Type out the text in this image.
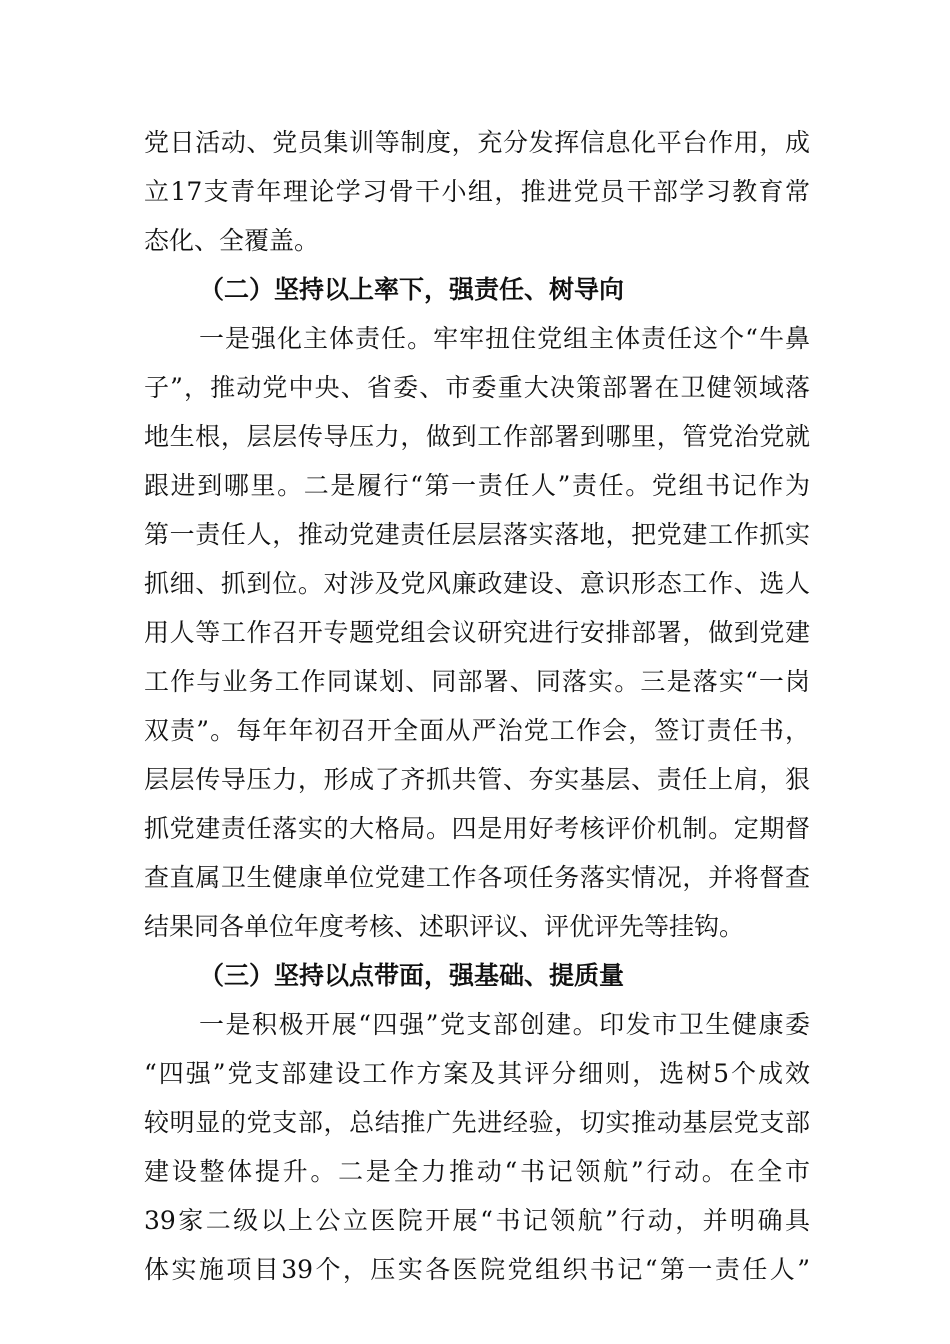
党日活动、党员集训等制度，充分发挥信息化平台作用，成
立17支青年理论学习骨干小组，推进党员干部学习教育常
态化、全覆盖。
（二）坚持以上率下，强责任、树导向
一是强化主体责任。牢牢扭住党组主体责任这个“牛鼻
子”，推动党中央、省委、市委重大决策部署在卫健领域落
地生根，层层传导压力，做到工作部署到哪里，管党治党就
跟进到哪里。二是履行“第一责任人”责任。党组书记作为
第一责任人，推动党建责任层层落实落地，把党建工作抓实
抓细、抓到位。对涉及党风廉政建设、意识形态工作、选人
用人等工作召开专题党组会议研究进行安排部署，做到党建
工作与业务工作同谋划、同部署、同落实。三是落实“一岗
双责”。每年年初召开全面从严治党工作会，签订责任书，
层层传导压力，形成了齐抓共管、夯实基层、责任上肩，狠
抓党建责任落实的大格局。四是用好考核评价机制。定期督
查直属卫生健康单位党建工作各项任务落实情况，并将督查
结果同各单位年度考核、述职评议、评优评先等挂钩。
（三）坚持以点带面，强基础、提质量
一是积极开展“四强”党支部创建。印发市卫生健康委
“四强”党支部建设工作方案及其评分细则，选树5个成效
较明显的党支部，总结推广先进经验，切实推动基层党支部
建设整体提升。二是全力推动“书记领航”行动。在全市
39家二级以上公立医院开展“书记领航”行动，并明确具
体实施项目39个，压实各医院党组织书记“第一责任人”
